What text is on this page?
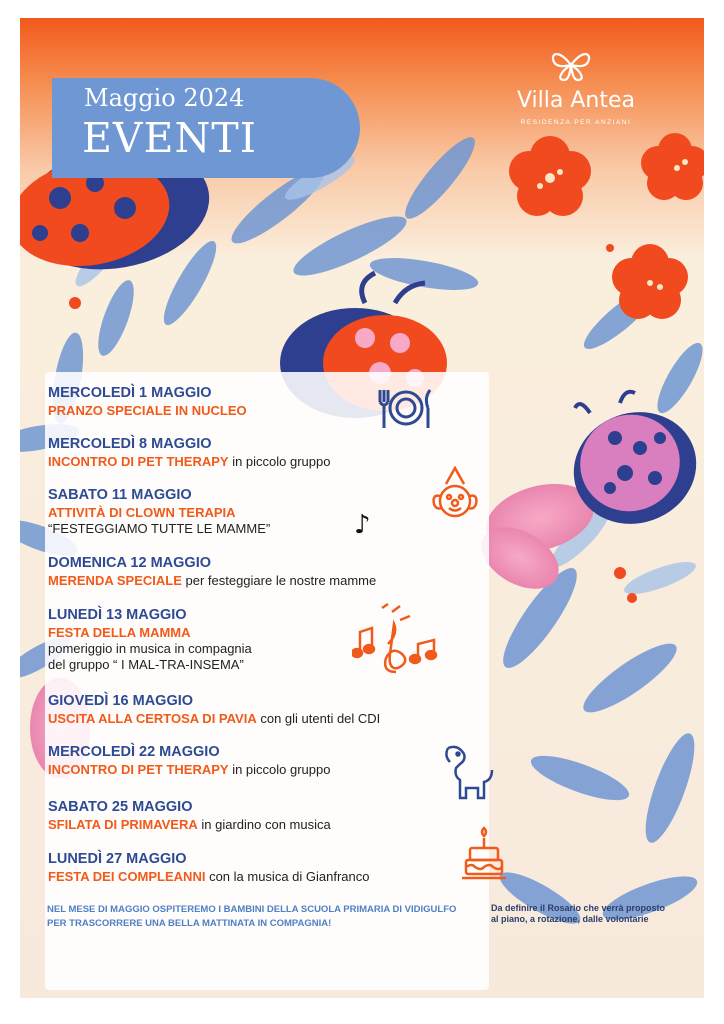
Maggio 2024
EVENTI
Villa Antea
RESIDENZA PER ANZIANI
MERCOLEDÌ 1 MAGGIO
PRANZO SPECIALE IN NUCLEO
MERCOLEDÌ 8 MAGGIO
INCONTRO DI PET THERAPY in piccolo gruppo
SABATO 11 MAGGIO
ATTIVITÀ DI CLOWN TERAPIA
“FESTEGGIAMO TUTTE LE MAMME”
DOMENICA 12 MAGGIO
MERENDA SPECIALE per festeggiare le nostre mamme
LUNEDÌ 13 MAGGIO
FESTA DELLA MAMMA
pomeriggio in musica in compagnia
del gruppo “ I MAL-TRA-INSEMA”
GIOVEDÌ 16 MAGGIO
USCITA ALLA CERTOSA DI PAVIA con gli utenti del CDI
MERCOLEDÌ 22 MAGGIO
INCONTRO DI PET THERAPY in piccolo gruppo
SABATO 25 MAGGIO
SFILATA DI PRIMAVERA in giardino con musica
LUNEDÌ 27 MAGGIO
FESTA DEI COMPLEANNI con la musica di Gianfranco
♪
NEL MESE DI MAGGIO OSPITEREMO I BAMBINI DELLA SCUOLA PRIMARIA DI VIDIGULFO PER TRASCORRERE UNA BELLA MATTINATA IN COMPAGNIA!
Da definire il Rosario che verrà proposto al piano, a rotazione, dalle volontarie
